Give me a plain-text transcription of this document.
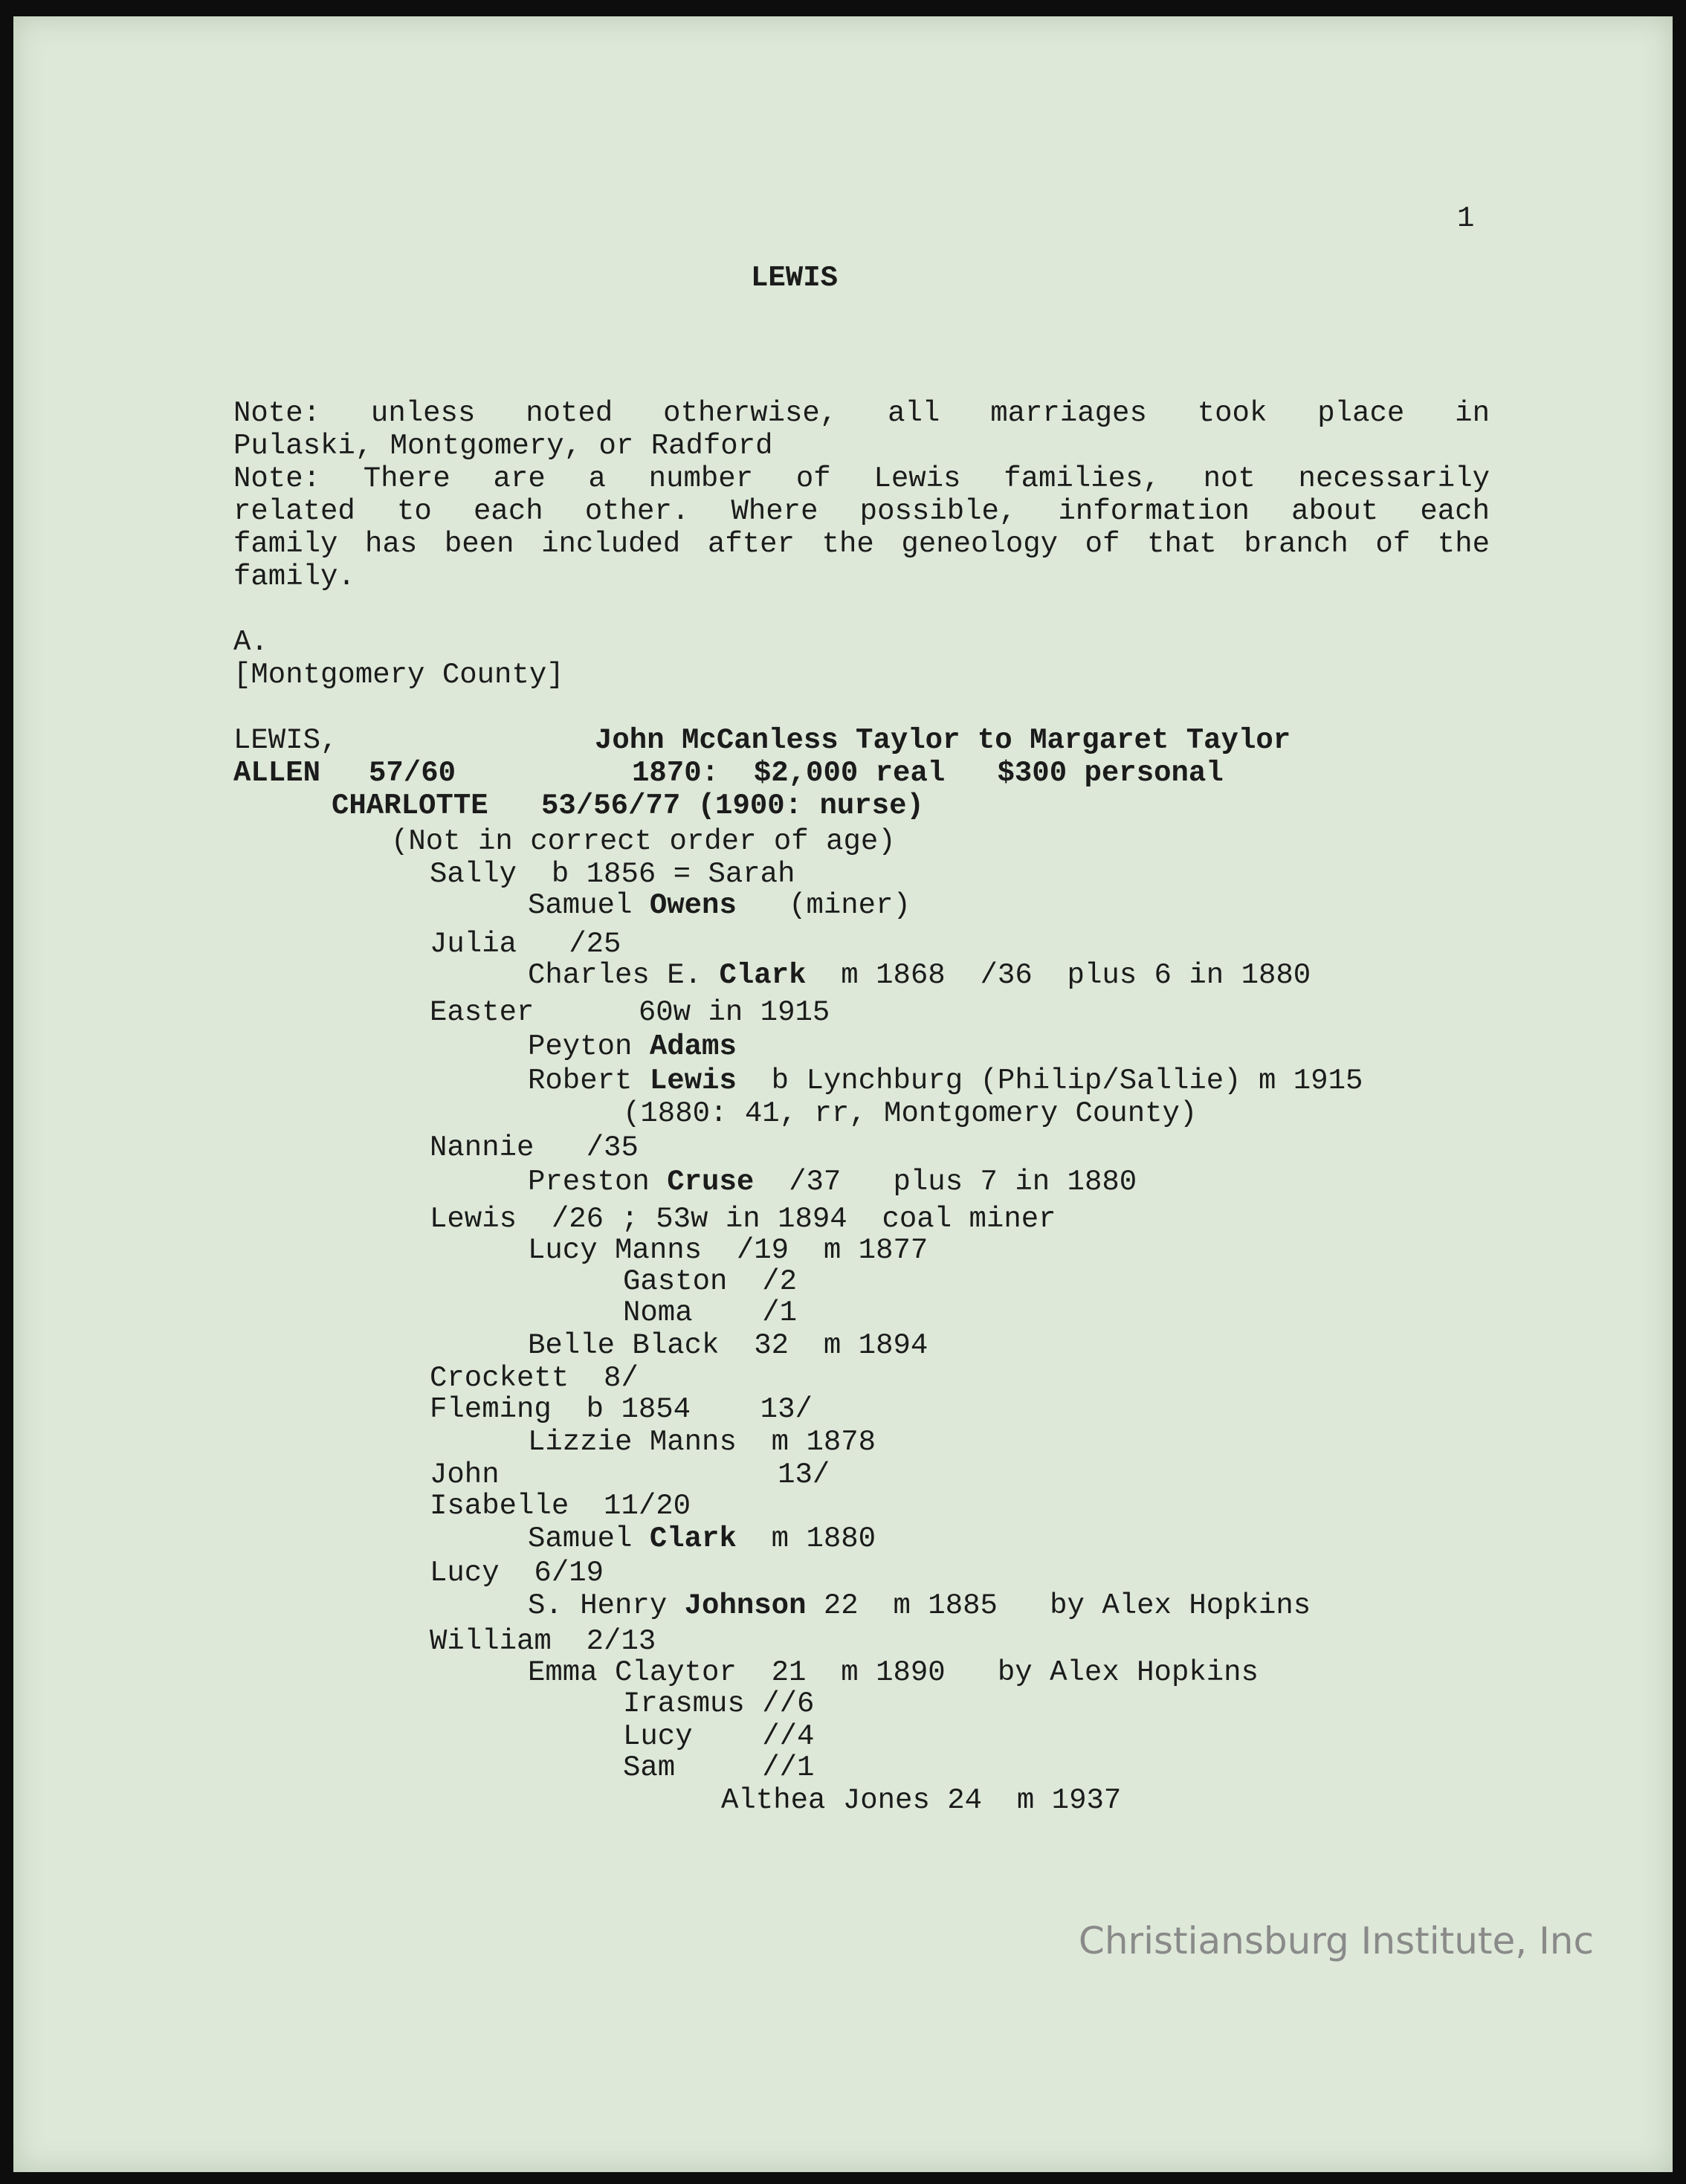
1
LEWIS
Note: unless noted otherwise, all marriages took place in
Pulaski, Montgomery, or Radford
Note: There are a number of Lewis families, not necessarily
related to each other. Where possible, information about each
family has been included after the geneology of that branch of the
family.
A.
[Montgomery County]
LEWIS,	John McCanless Taylor to Margaret Taylor
ALLEN 57/60	1870:  $2,000 real   $300 personal
CHARLOTTE 53/56/77 (1900: nurse)
(Not in correct order of age)
Sally  b 1856 = Sarah
Samuel Owens   (miner)
Julia   /25
Charles E. Clark  m 1868  /36  plus 6 in 1880
Easter      60w in 1915
Peyton Adams
Robert Lewis  b Lynchburg (Philip/Sallie) m 1915
(1880: 41, rr, Montgomery County)
Nannie   /35
Preston Cruse  /37   plus 7 in 1880
Lewis  /26 ; 53w in 1894  coal miner
Lucy Manns  /19  m 1877
Gaston  /2
Noma    /1
Belle Black  32  m 1894
Crockett  8/
Fleming  b 1854    13/
Lizzie Manns  m 1878
John                13/
Isabelle  11/20
Samuel Clark  m 1880
Lucy  6/19
S. Henry Johnson 22  m 1885   by Alex Hopkins
William  2/13
Emma Claytor  21  m 1890   by Alex Hopkins
Irasmus //6
Lucy    //4
Sam     //1
Althea Jones 24  m 1937
Christiansburg Institute, Inc
